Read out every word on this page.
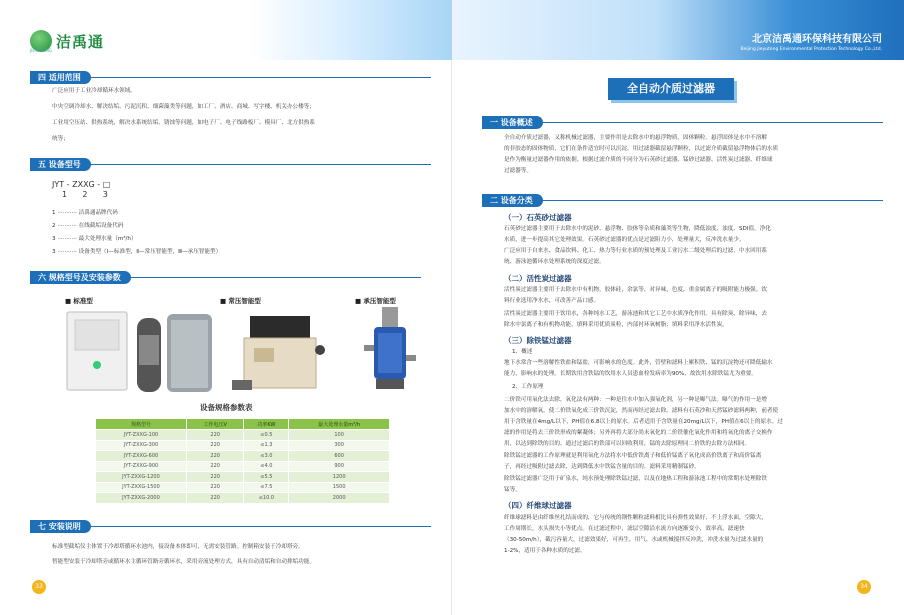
洁禹通
JIEYUTONG
四 适用范围
广泛应用于工业冷却循环水领域。
中央空调冷却水、解决结垢、污泥沉积、细菌藻类等问题，如工厂、酒店、商城、写字楼、机关办公楼等；
工业用空压站、供热系统，解决水系统结垢、锈蚀等问题，如电子厂、电子线路板厂、模具厂、北方供热系
统等；
五 设备型号
JYT - ZXXG - □
1      2      3
1 ··········· 洁禹通品牌代码
2 ··········· 在线截垢设备代码
3 ··········· 最大处理水量（m³/h）
3 ··········· 设备类型（Ⅰ—标准型，Ⅱ—常压智能型，Ⅲ—承压智能型）
六 规格型号及安装参数
■ 标准型	■ 常压智能型	■ 承压智能型
设备规格参数表
规格型号	工作电压V	功率KW	最大处理水量m³/h
JYT-ZXXG-100	220	≤0.5	100
JYT-ZXXG-300	220	≤1.3	300
JYT-ZXXG-600	220	≤3.0	600
JYT-ZXXG-900	220	≤4.0	900
JYT-ZXXG-1200	220	≤5.5	1200
JYT-ZXXG-1500	220	≤7.5	1500
JYT-ZXXG-2000	220	≤10.0	2000
七 安装说明
标准型截垢仪主体置于冷却塔循环水池内，接设备本体即可，无需安装管路。控制箱安装于冷却塔旁。
智能型安装于冷却塔旁或循环水主循环管路旁循环水，采用旁流处理方式，具有自动清垢和自动排垢功能。
33
北京洁禹通环保科技有限公司
Beijing Jieyutong Environmental Protection Technology Co.,Ltd.
全自动介质过滤器
一 设备概述
全自动介质过滤器，又称机械过滤器，主要作用是去除水中的悬浮物质、固体颗粒。悬浮固体是水中不溶解
的非胶态的固体物质，它们在条件适宜时可以沉淀。用过滤器截留悬浮颗粒，以过滤介质截留悬浮物体后的水质
是作为衡量过滤器作用的依据。根据过滤介质的不同分为石英砂过滤器、锰砂过滤器、活性炭过滤器、纤维球
过滤器等。
二 设备分类
（一）石英砂过滤器
石英砂过滤器主要用于去除水中的泥砂、悬浮物、胶体等杂质和藻类等生物，降低浊度、浊度、SDI值，净化
水质，进一步提高其它处理效果。石英砂过滤器的优点是过滤阻力小，处理量大，反冲洗水量少。
广泛应用于自来水、食品饮料、化工、热力等行业水质的预处理及工业污水二级处理后的过滤，中水回用系
统、游泳池循环水处理系统的深度过滤。
（二）活性炭过滤器
活性炭过滤器主要用于去除水中有机物，胶体硅，余氯等，对异味，色度，重金属离子的吸附能力极强。饮
料行业选用净水水，可改善产品口感。
活性炭过滤器主要用于饮用水，各种纯水工艺，游泳池和其它工艺中水质净化作用。具有除臭、除异味，去
除水中氯离子和有机物功能。填料采用优质炭粒，内部衬环氧树脂；填料采用净水活性炭。
（三）除铁锰过滤器
1、概述
地下水常含一些溶解性铁盐和锰盐，可影响水的色度。此外，管壁和滤料上累积铁、锰的沉淀物还可降低输水
能力，影响水的处理。长期饮用含铁锰的饮用水人员患血栓发病率为90%，故饮用水除铁锰尤为重要。
2、工作原理
二价铁可用氧化法去除，氧化法有两种：一种是往水中加入强氧化剂，另一种是曝气法。曝气的作用一是增
加水中的溶解氧，使二价铁氧化成三价铁沉淀，然而再经过滤去除。滤料有石英沙和天然锰砂滤料两种，前者使
用于含铁量在4mg/L以下，PH值在6.8以上的原水。后者适用于含铁量在20mg/L以下，PH值在6以上的原水。过
滤的作用是将去三价铁形成的絮凝体；另外再将大部分尚未氧化的二价铁催化氧化作用和将氧化的离子交换作
用，以达到除铁的目的。通过过滤后的铁部可以回收利用，锰的去除原理同二价铁的去除方法相同。
除铁锰过滤器的工作原理就是利用氧化方法将水中低价铁离子和低价锰离子氧化成高价铁离子和高价锰离
子，再经过吸附过滤去除，达到降低水中铁锰含量的目的。滤料采用精制锰砂。
除铁锰过滤器广泛用于矿泉水，纯水预处理除铁锰过滤，以及在地热工程和游泳池工程中的常期水处理除铁
锰等。
（四）纤维球过滤器
纤维球滤料是由纤维丝扎结而成的，它与传统的钢性颗粒滤料相比具有弹性效果好，不上浮水面，空隙大，
工作周期长，水头损失小等优点。在过滤过程中，滤层空隙沿水流方向逐渐变小，效率高，滤速快
（30-50m/h），截污容量大，过滤效果好，可再生，用气、水或机械搅拌反冲洗，冲洗水量为过滤水量的
1-2%，适用于各种水质的过滤。
34
